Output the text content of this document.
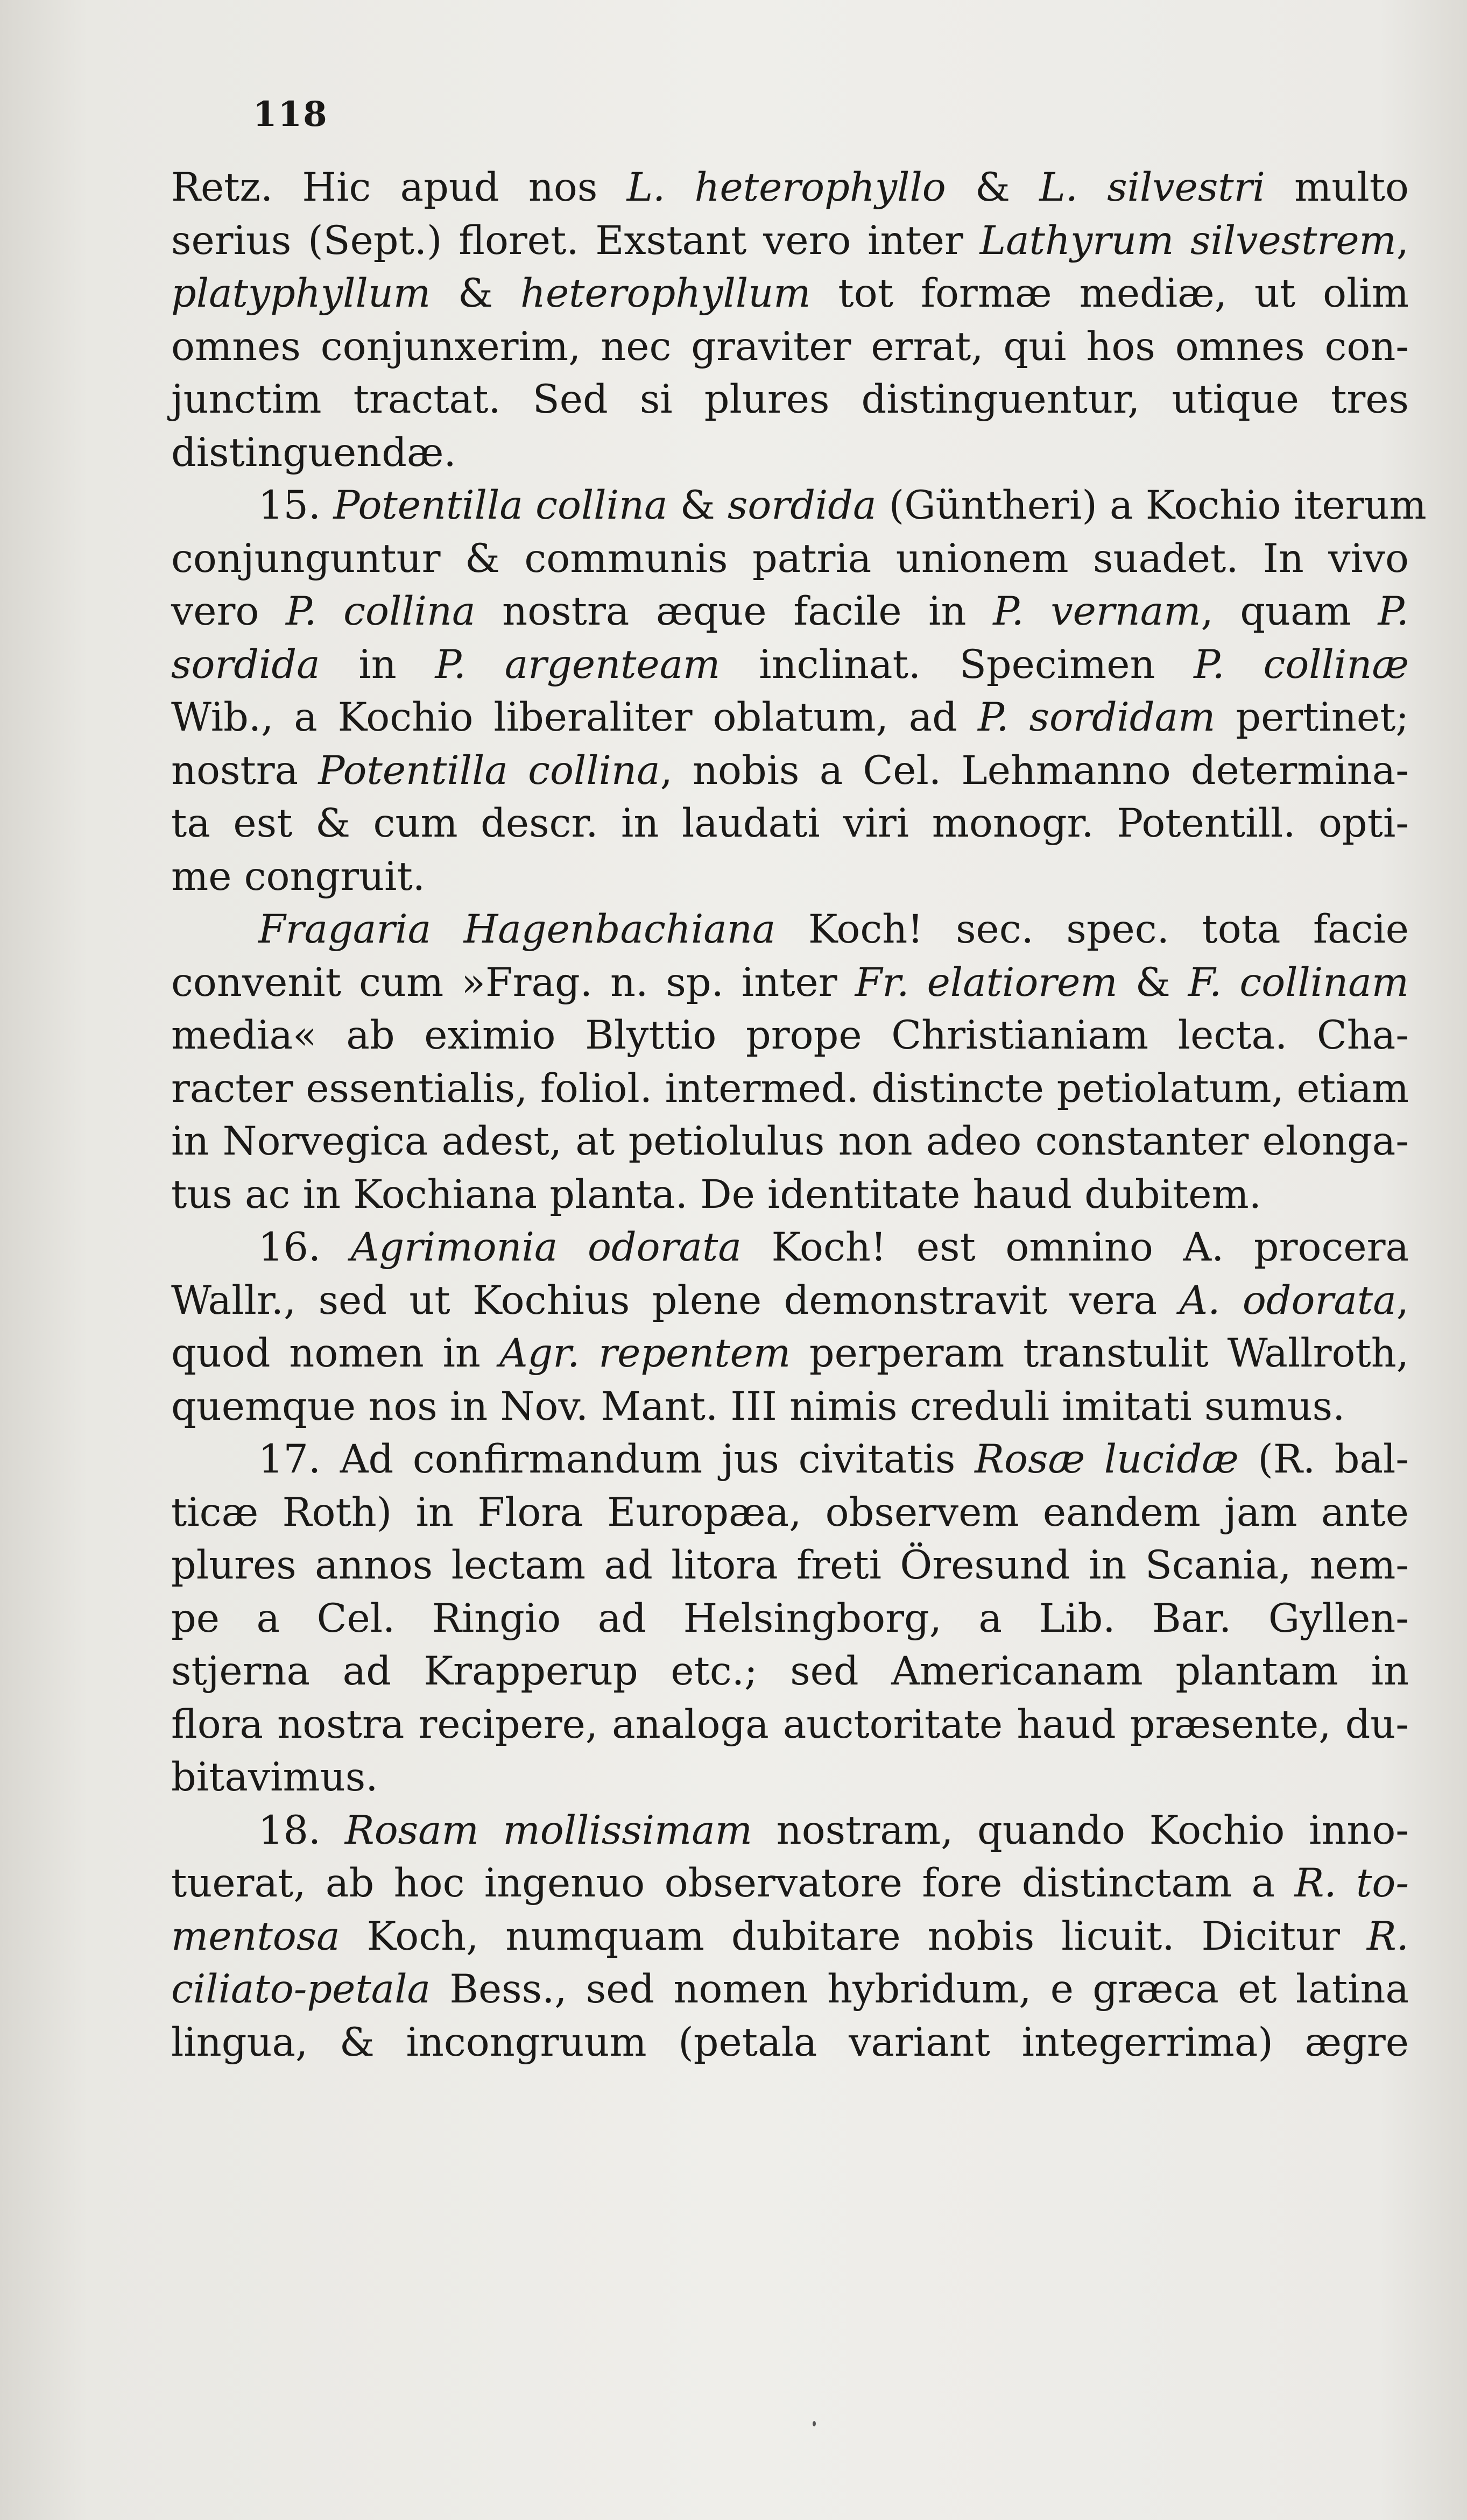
118
Retz. Hic apud nos L. heterophyllo & L. silvestri multo
serius (Sept.) floret. Exstant vero inter Lathyrum silvestrem,
platyphyllum & heterophyllum tot formæ mediæ, ut olim
omnes conjunxerim, nec graviter errat, qui hos omnes con-
junctim tractat. Sed si plures distinguentur, utique tres
distinguendæ.
15. Potentilla collina & sordida (Güntheri) a Kochio iterum
conjunguntur & communis patria unionem suadet. In vivo
vero P. collina nostra æque facile in P. vernam, quam P.
sordida in P. argenteam inclinat. Specimen P. collinæ
Wib., a Kochio liberaliter oblatum, ad P. sordidam pertinet;
nostra Potentilla collina, nobis a Cel. Lehmanno determina-
ta est & cum descr. in laudati viri monogr. Potentill. opti-
me congruit.
Fragaria Hagenbachiana Koch! sec. spec. tota facie
convenit cum »Frag. n. sp. inter Fr. elatiorem & F. collinam
media« ab eximio Blyttio prope Christianiam lecta. Cha-
racter essentialis, foliol. intermed. distincte petiolatum, etiam
in Norvegica adest, at petiolulus non adeo constanter elonga-
tus ac in Kochiana planta. De identitate haud dubitem.
16. Agrimonia odorata Koch! est omnino A. procera
Wallr., sed ut Kochius plene demonstravit vera A. odorata,
quod nomen in Agr. repentem perperam transtulit Wallroth,
quemque nos in Nov. Mant. III nimis creduli imitati sumus.
17. Ad confirmandum jus civitatis Rosæ lucidæ (R. bal-
ticæ Roth) in Flora Europæa, observem eandem jam ante
plures annos lectam ad litora freti Öresund in Scania, nem-
pe a Cel. Ringio ad Helsingborg, a Lib. Bar. Gyllen-
stjerna ad Krapperup etc.; sed Americanam plantam in
flora nostra recipere, analoga auctoritate haud præsente, du-
bitavimus.
18. Rosam mollissimam nostram, quando Kochio inno-
tuerat, ab hoc ingenuo observatore fore distinctam a R. to-
mentosa Koch, numquam dubitare nobis licuit. Dicitur R.
ciliato-petala Bess., sed nomen hybridum, e græca et latina
lingua, & incongruum (petala variant integerrima) ægre
